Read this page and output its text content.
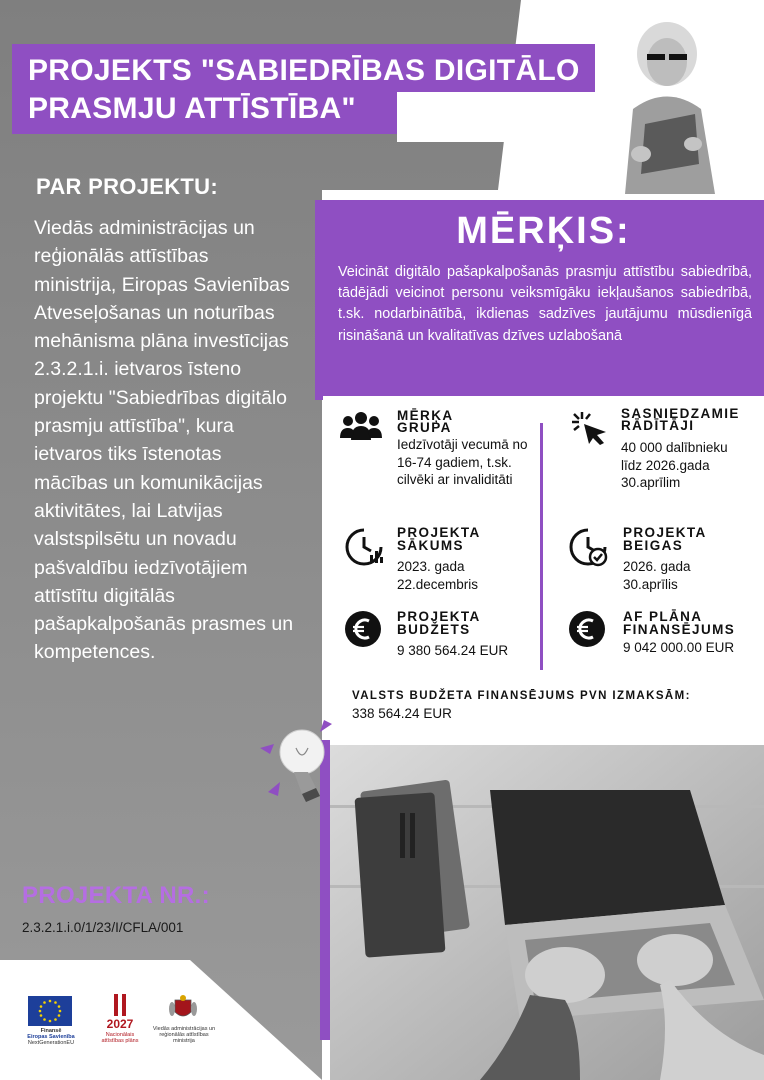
PROJEKTS "SABIEDRĪBAS DIGITĀLO
PRASMJU ATTĪSTĪBA"
PAR PROJEKTU:
Viedās administrācijas un reģionālās attīstības ministrija, Eiropas Savienības Atveseļošanas un noturības mehānisma plāna investīcijas 2.3.2.1.i. ietvaros īsteno projektu "Sabiedrības digitālo prasmju attīstība", kura ietvaros tiks īstenotas mācības un komunikācijas aktivitātes, lai Latvijas valstspilsētu un novadu pašvaldību iedzīvotājiem attīstītu digitālās pašapkalpošanās prasmes un kompetences.
PROJEKTA NR.:
2.3.2.1.i.0/1/23/I/CFLA/001
MĒRĶIS:
Veicināt digitālo pašapkalpošanās prasmju attīstību sabiedrībā, tādējādi veicinot personu veiksmīgāku iekļaušanos sabiedrībā, t.sk. nodarbinātībā, ikdienas sadzīves jautājumu mūsdienīgā risināšanā un kvalitatīvas dzīves uzlabošanā
MĒRĶA
GRUPA
Iedzīvotāji vecumā no 16-74 gadiem, t.sk. cilvēki ar invaliditāti
SASNIEDZAMIE
RĀDĪTĀJI
40 000 dalībnieku līdz 2026.gada 30.aprīlim
PROJEKTA
SĀKUMS
2023. gada 22.decembris
PROJEKTA
BEIGAS
2026. gada 30.aprīlis
PROJEKTA
BUDŽETS
9 380 564.24 EUR
AF PLĀNA
FINANSĒJUMS
9 042 000.00 EUR
VALSTS BUDŽETA FINANSĒJUMS PVN IZMAKSĀM:
338 564.24 EUR
Finansē
Eiropas Savienība
NextGenerationEU
2027
Nacionālais
attīstības plāns
Viedās administrācijas un
reģionālās attīstības
ministrija
